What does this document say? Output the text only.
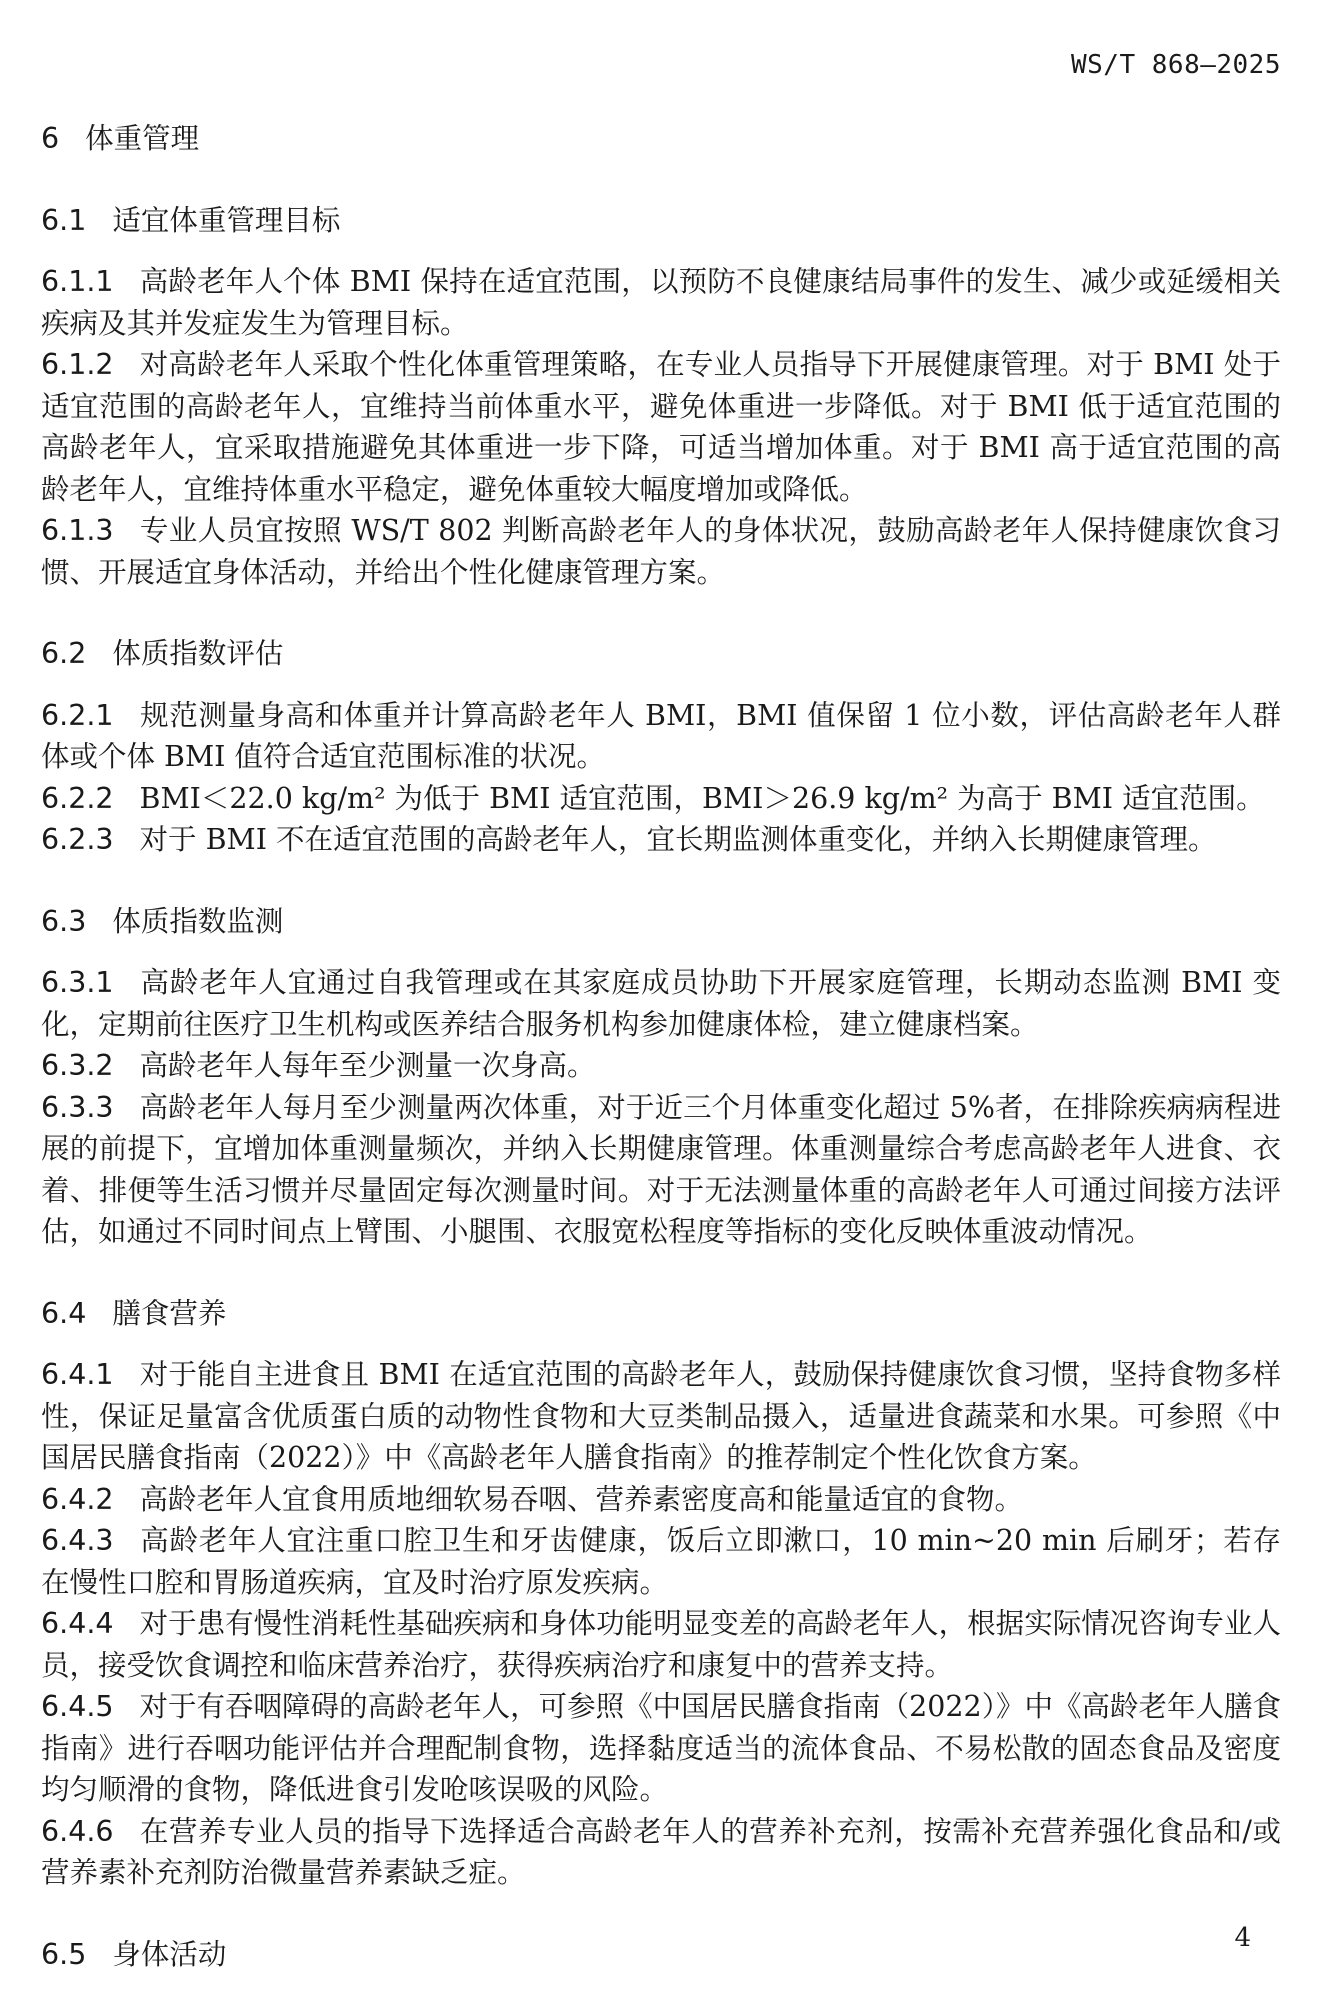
WS/T 868—2025
6 体重管理
6.1 适宜体重管理目标

6.1.1 高龄老年人个体 BMI 保持在适宜范围，以预防不良健康结局事件的发生、减少或延缓相关疾病及其并发症发生为管理目标。

6.1.2 对高龄老年人采取个性化体重管理策略，在专业人员指导下开展健康管理。对于 BMI 处于适宜范围的高龄老年人，宜维持当前体重水平，避免体重进一步降低。对于 BMI 低于适宜范围的高龄老年人，宜采取措施避免其体重进一步下降，可适当增加体重。对于 BMI 高于适宜范围的高龄老年人，宜维持体重水平稳定，避免体重较大幅度增加或降低。

6.1.3 专业人员宜按照 WS/T 802 判断高龄老年人的身体状况，鼓励高龄老年人保持健康饮食习惯、开展适宜身体活动，并给出个性化健康管理方案。

6.2 体质指数评估

6.2.1 规范测量身高和体重并计算高龄老年人 BMI，BMI 值保留 1 位小数，评估高龄老年人群体或个体 BMI 值符合适宜范围标准的状况。

6.2.2 BMI＜22.0 kg/m² 为低于 BMI 适宜范围，BMI＞26.9 kg/m² 为高于 BMI 适宜范围。

6.2.3 对于 BMI 不在适宜范围的高龄老年人，宜长期监测体重变化，并纳入长期健康管理。

6.3 体质指数监测

6.3.1 高龄老年人宜通过自我管理或在其家庭成员协助下开展家庭管理，长期动态监测 BMI 变化，定期前往医疗卫生机构或医养结合服务机构参加健康体检，建立健康档案。

6.3.2 高龄老年人每年至少测量一次身高。

6.3.3 高龄老年人每月至少测量两次体重，对于近三个月体重变化超过 5%者，在排除疾病病程进展的前提下，宜增加体重测量频次，并纳入长期健康管理。体重测量综合考虑高龄老年人进食、衣着、排便等生活习惯并尽量固定每次测量时间。对于无法测量体重的高龄老年人可通过间接方法评估，如通过不同时间点上臂围、小腿围、衣服宽松程度等指标的变化反映体重波动情况。

6.4 膳食营养

6.4.1 对于能自主进食且 BMI 在适宜范围的高龄老年人，鼓励保持健康饮食习惯，坚持食物多样性，保证足量富含优质蛋白质的动物性食物和大豆类制品摄入，适量进食蔬菜和水果。可参照《中国居民膳食指南（2022）》中《高龄老年人膳食指南》的推荐制定个性化饮食方案。

6.4.2 高龄老年人宜食用质地细软易吞咽、营养素密度高和能量适宜的食物。

6.4.3 高龄老年人宜注重口腔卫生和牙齿健康，饭后立即漱口，10 min~20 min 后刷牙；若存在慢性口腔和胃肠道疾病，宜及时治疗原发疾病。

6.4.4 对于患有慢性消耗性基础疾病和身体功能明显变差的高龄老年人，根据实际情况咨询专业人员，接受饮食调控和临床营养治疗，获得疾病治疗和康复中的营养支持。

6.4.5 对于有吞咽障碍的高龄老年人，可参照《中国居民膳食指南（2022）》中《高龄老年人膳食指南》进行吞咽功能评估并合理配制食物，选择黏度适当的流体食品、不易松散的固态食品及密度均匀顺滑的食物，降低进食引发呛咳误吸的风险。

6.4.6 在营养专业人员的指导下选择适合高龄老年人的营养补充剂，按需补充营养强化食品和/或营养素补充剂防治微量营养素缺乏症。

6.5 身体活动	4
